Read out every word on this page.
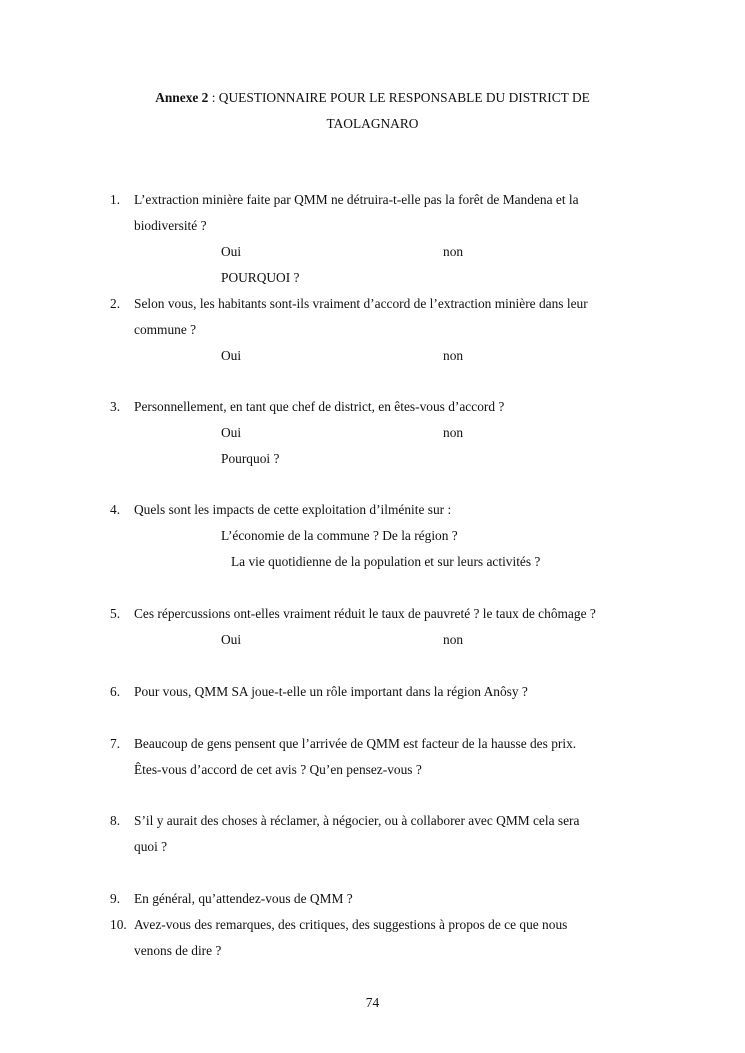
Annexe 2 : QUESTIONNAIRE POUR LE RESPONSABLE DU DISTRICT DE
TAOLAGNARO
1. L’extraction minière faite par QMM ne détruira-t-elle pas la forêt de Mandena et la
biodiversité ?
Oui	non
POURQUOI ?
2. Selon vous, les habitants sont-ils vraiment d’accord de l’extraction minière dans leur
commune ?
Oui	non
3. Personnellement, en tant que chef de district, en êtes-vous d’accord ?
Oui	non
Pourquoi ?
4. Quels sont les impacts de cette exploitation d’ilménite sur :
L’économie de la commune ? De la région ?
La vie quotidienne de la population et sur leurs activités ?
5. Ces répercussions ont-elles vraiment réduit le taux de pauvreté ? le taux de chômage ?
Oui	non
6. Pour vous, QMM SA joue-t-elle un rôle important dans la région Anôsy ?
7. Beaucoup de gens pensent que l’arrivée de QMM est facteur de la hausse des prix.
Êtes-vous d’accord de cet avis ? Qu’en pensez-vous ?
8. S’il y aurait des choses à réclamer, à négocier, ou à collaborer avec QMM cela sera
quoi ?
9. En général, qu’attendez-vous de QMM ?
10. Avez-vous des remarques, des critiques, des suggestions à propos de ce que nous
venons de dire ?
74
